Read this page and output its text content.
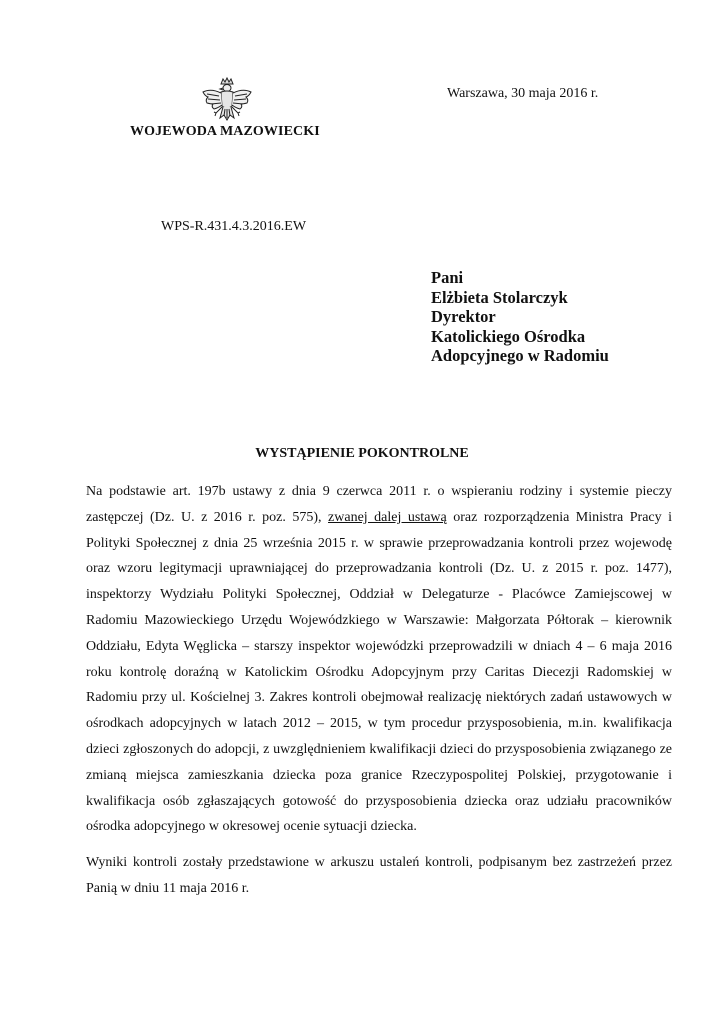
WOJEWODA MAZOWIECKI
Warszawa, 30 maja 2016 r.
WPS-R.431.4.3.2016.EW
Pani
Elżbieta Stolarczyk
Dyrektor
Katolickiego Ośrodka
Adopcyjnego w Radomiu
WYSTĄPIENIE POKONTROLNE

Na podstawie art. 197b ustawy z dnia 9 czerwca 2011 r. o wspieraniu rodziny i systemie pieczy zastępczej (Dz. U. z 2016 r. poz. 575), zwanej dalej ustawą oraz rozporządzenia Ministra Pracy i Polityki Społecznej z dnia 25 września 2015 r. w sprawie przeprowadzania kontroli przez wojewodę oraz wzoru legitymacji uprawniającej do przeprowadzania kontroli (Dz. U. z 2015 r. poz. 1477), inspektorzy Wydziału Polityki Społecznej, Oddział w Delegaturze - Placówce Zamiejscowej w Radomiu Mazowieckiego Urzędu Wojewódzkiego w Warszawie: Małgorzata Półtorak – kierownik Oddziału, Edyta Węglicka – starszy inspektor wojewódzki przeprowadzili w dniach 4 – 6 maja 2016 roku kontrolę doraźną w Katolickim Ośrodku Adopcyjnym przy Caritas Diecezji Radomskiej w Radomiu przy ul. Kościelnej 3. Zakres kontroli obejmował realizację niektórych zadań ustawowych w ośrodkach adopcyjnych w latach 2012 – 2015, w tym procedur przysposobienia, m.in. kwalifikacja dzieci zgłoszonych do adopcji, z uwzględnieniem kwalifikacji dzieci do przysposobienia związanego ze zmianą miejsca zamieszkania dziecka poza granice Rzeczypospolitej Polskiej, przygotowanie i kwalifikacja osób zgłaszających gotowość do przysposobienia dziecka oraz udziału pracowników ośrodka adopcyjnego w okresowej ocenie sytuacji dziecka.

Wyniki kontroli zostały przedstawione w arkuszu ustaleń kontroli, podpisanym bez zastrzeżeń przez Panią w dniu 11 maja 2016 r.
